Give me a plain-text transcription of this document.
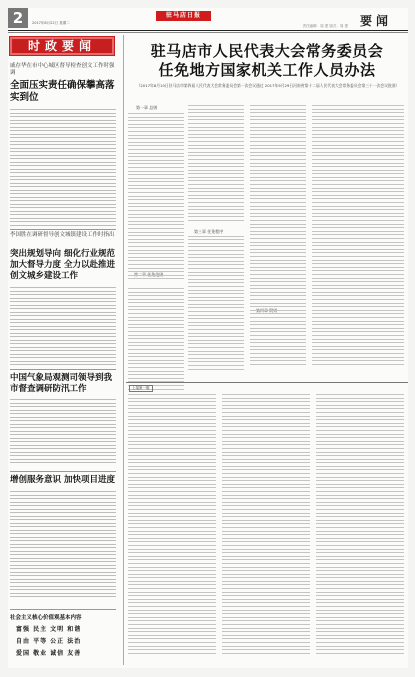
2	2017年8月22日 星期二
驻马店日报
责任编辑：周 建 版式：周 建 要闻
时政要闻
戚存华在市中心城区督导检查创文工作时强调
全面压实责任确保攀高落实到位
李国胜在调研督导创文城镇建设工作时指出
突出规划导向 细化行业规范加大督导力度 全力以赴推进创文城乡建设工作
中国气象局观测司领导到我市督查调研防汛工作
增创服务意识 加快项目进度
社会主义核心价值观基本内容
富强 民主 文明 和谐
自由 平等 公正 法治
爱国 敬业 诚信 友善
驻马店市人民代表大会常务委员会
任免地方国家机关工作人员办法
（2017年8月10日驻马店市第四届人民代表大会常务委员会第一次会议通过 2017年9月29日河南省第十二届人民代表大会常务委员会第三十一次会议批准）
第一章 总则
第三章 任免程序
上接第一版
